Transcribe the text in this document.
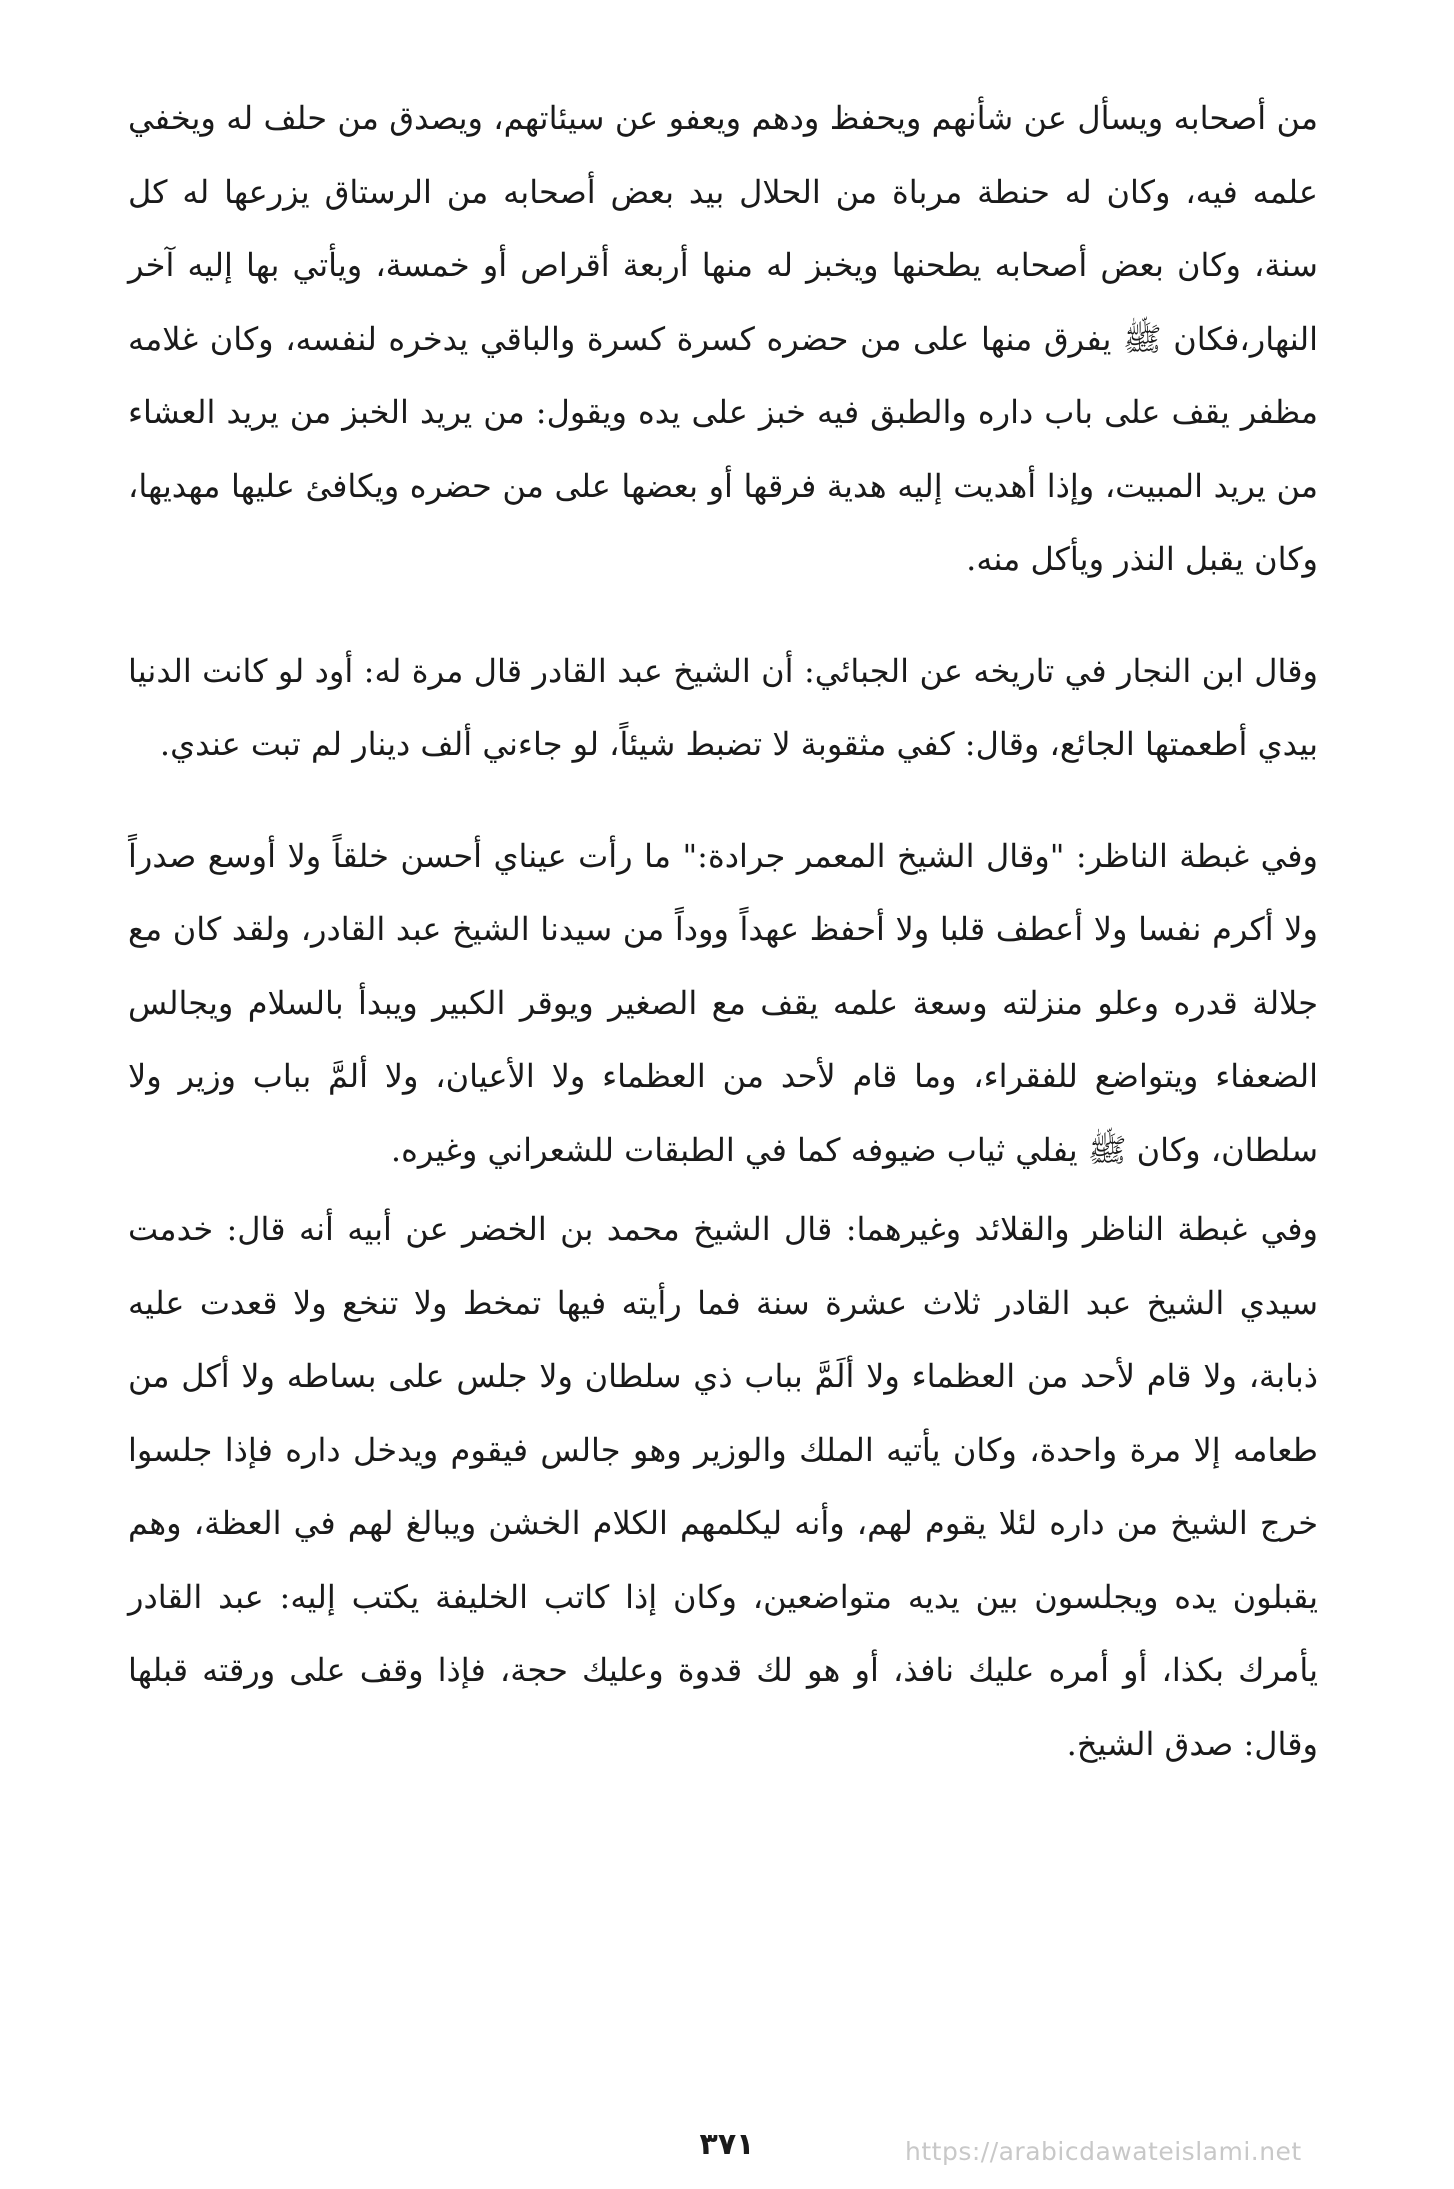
من أصحابه ويسأل عن شأنهم ويحفظ ودهم ويعفو عن سيئاتهم، ويصدق من حلف له ويخفي علمه فيه، وكان له حنطة مرباة من الحلال بيد بعض أصحابه من الرستاق يزرعها له كل سنة، وكان بعض أصحابه يطحنها ويخبز له منها أربعة أقراص أو خمسة، ويأتي بها إليه آخر النهار،فكان ﷺ يفرق منها على من حضره كسرة كسرة والباقي يدخره لنفسه، وكان غلامه مظفر يقف على باب داره والطبق فيه خبز على يده ويقول: من يريد الخبز من يريد العشاء من يريد المبيت، وإذا أهديت إليه هدية فرقها أو بعضها على من حضره ويكافئ عليها مهديها، وكان يقبل النذر ويأكل منه.

وقال ابن النجار في تاريخه عن الجبائي: أن الشيخ عبد القادر قال مرة له: أود لو كانت الدنيا بيدي أطعمتها الجائع، وقال: كفي مثقوبة لا تضبط شيئاً، لو جاءني ألف دينار لم تبت عندي.

وفي غبطة الناظر: "وقال الشيخ المعمر جرادة:" ما رأت عيناي أحسن خلقاً ولا أوسع صدراً ولا أكرم نفسا ولا أعطف قلبا ولا أحفظ عهداً ووداً من سيدنا الشيخ عبد القادر، ولقد كان مع جلالة قدره وعلو منزلته وسعة علمه يقف مع الصغير ويوقر الكبير ويبدأ بالسلام ويجالس الضعفاء ويتواضع للفقراء، وما قام لأحد من العظماء ولا الأعيان، ولا ألمَّ بباب وزير ولا سلطان، وكان ﷺ يفلي ثياب ضيوفه كما في الطبقات للشعراني وغيره.

وفي غبطة الناظر والقلائد وغيرهما: قال الشيخ محمد بن الخضر عن أبيه أنه قال: خدمت سيدي الشيخ عبد القادر ثلاث عشرة سنة فما رأيته فيها تمخط ولا تنخع ولا قعدت عليه ذبابة، ولا قام لأحد من العظماء ولا ألَمَّ بباب ذي سلطان ولا جلس على بساطه ولا أكل من طعامه إلا مرة واحدة، وكان يأتيه الملك والوزير وهو جالس فيقوم ويدخل داره فإذا جلسوا خرج الشيخ من داره لئلا يقوم لهم، وأنه ليكلمهم الكلام الخشن ويبالغ لهم في العظة، وهم يقبلون يده ويجلسون بين يديه متواضعين، وكان إذا كاتب الخليفة يكتب إليه: عبد القادر يأمرك بكذا، أو أمره عليك نافذ، أو هو لك قدوة وعليك حجة، فإذا وقف على ورقته قبلها وقال: صدق الشيخ.

٣٧١	https://arabicdawateislami.net
